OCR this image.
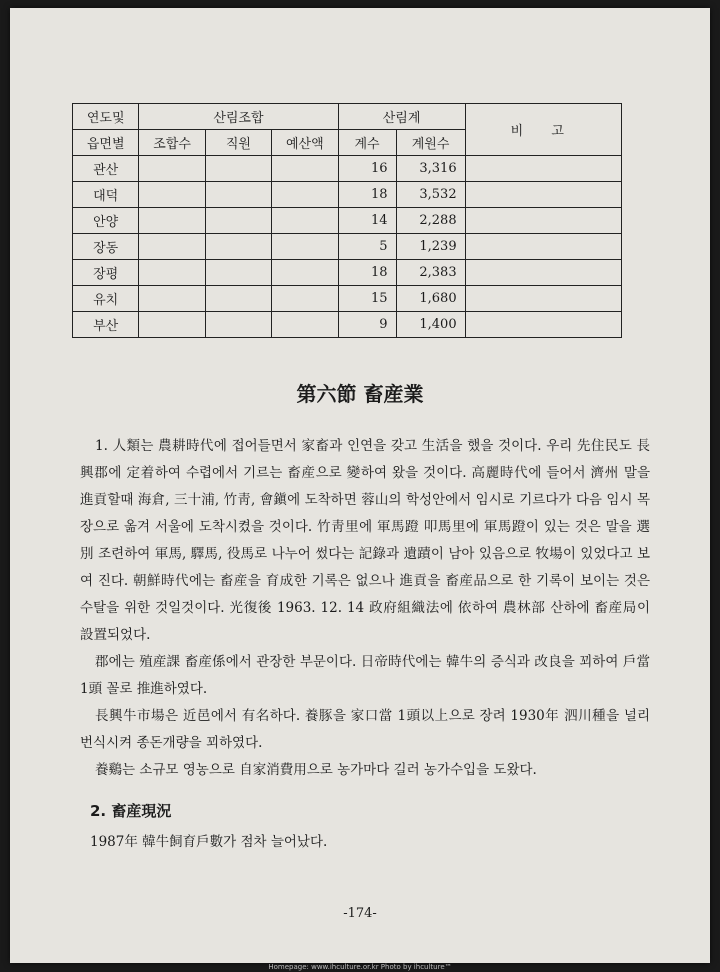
연도및	산림조합			산림계		비 고
읍면별	조합수	직원	예산액	계수	계원수	
관산				16	3,316	
대덕				18	3,532	
안양				14	2,288	
장동				5	1,239	
장평				18	2,383	
유치				15	1,680	
부산				9	1,400	
第六節 畜産業

1. 人類는 農耕時代에 접어들면서 家畜과 인연을 갖고 生活을 했을 것이다. 우리 先住民도 長興郡에 定着하여 수렵에서 기르는 畜産으로 變하여 왔을 것이다. 高麗時代에 들어서 濟州 말을 進貢할때 海倉, 三十浦, 竹靑, 會鎭에 도착하면 蓉山의 학성안에서 임시로 기르다가 다음 임시 목장으로 옮겨 서울에 도착시켰을 것이다. 竹靑里에 軍馬蹬 叩馬里에 軍馬蹬이 있는 것은 말을 選別 조련하여 軍馬, 驛馬, 役馬로 나누어 썼다는 記錄과 遺蹟이 남아 있음으로 牧場이 있었다고 보여 진다. 朝鮮時代에는 畜産을 育成한 기록은 없으나 進貢을 畜産品으로 한 기록이 보이는 것은 수탈을 위한 것일것이다. 光復後 1963. 12. 14 政府組織法에 依하여 農林部 산하에 畜産局이 設置되었다.

郡에는 殖産課 畜産係에서 관장한 부문이다. 日帝時代에는 韓牛의 증식과 改良을 꾀하여 戶當 1頭 꼴로 推進하였다.

長興牛市場은 近邑에서 有名하다. 養豚을 家口當 1頭以上으로 장려 1930年 泗川種을 널리 번식시켜 종돈개량을 꾀하였다.

養鷄는 소규모 영농으로 自家消費用으로 농가마다 길러 농가수입을 도왔다.

2. 畜産現況
1987年 韓牛飼育戶數가 점차 늘어났다.
-174-
Homepage: www.ihculture.or.kr Photo by ihculture™
